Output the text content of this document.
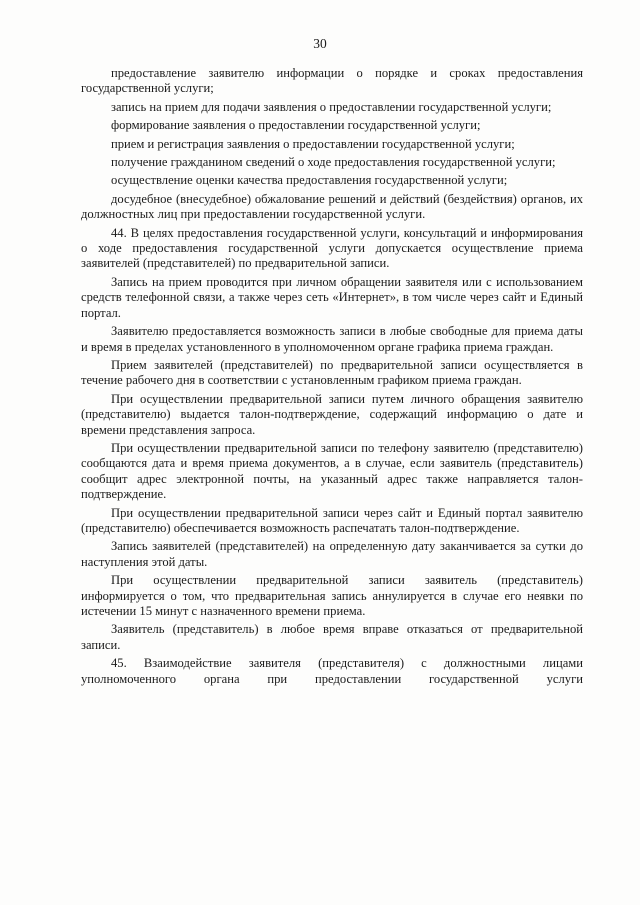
30

предоставление заявителю информации о порядке и сроках предоставления государственной услуги;

запись на прием для подачи заявления о предоставлении государственной услуги;

формирование заявления о предоставлении государственной услуги;

прием и регистрация заявления о предоставлении государственной услуги;

получение гражданином сведений о ходе предоставления государственной услуги;

осуществление оценки качества предоставления государственной услуги;

досудебное (внесудебное) обжалование решений и действий (бездействия) органов, их должностных лиц при предоставлении государственной услуги.

44. В целях предоставления государственной услуги, консультаций и информирования о ходе предоставления государственной услуги допускается осуществление приема заявителей (представителей) по предварительной записи.

Запись на прием проводится при личном обращении заявителя или с использованием средств телефонной связи, а также через сеть «Интернет», в том числе через сайт и Единый портал.

Заявителю предоставляется возможность записи в любые свободные для приема даты и время в пределах установленного в уполномоченном органе графика приема граждан.

Прием заявителей (представителей) по предварительной записи осуществляется в течение рабочего дня в соответствии с установленным графиком приема граждан.

При осуществлении предварительной записи путем личного обращения заявителю (представителю) выдается талон-подтверждение, содержащий информацию о дате и времени представления запроса.

При осуществлении предварительной записи по телефону заявителю (представителю) сообщаются дата и время приема документов, а в случае, если заявитель (представитель) сообщит адрес электронной почты, на указанный адрес также направляется талон-подтверждение.

При осуществлении предварительной записи через сайт и Единый портал заявителю (представителю) обеспечивается возможность распечатать талон-подтверждение.

Запись заявителей (представителей) на определенную дату заканчивается за сутки до наступления этой даты.

При осуществлении предварительной записи заявитель (представитель) информируется о том, что предварительная запись аннулируется в случае его неявки по истечении 15 минут с назначенного времени приема.

Заявитель (представитель) в любое время вправе отказаться от предварительной записи.

45. Взаимодействие заявителя (представителя) с должностными лицами уполномоченного органа при предоставлении государственной услуги
